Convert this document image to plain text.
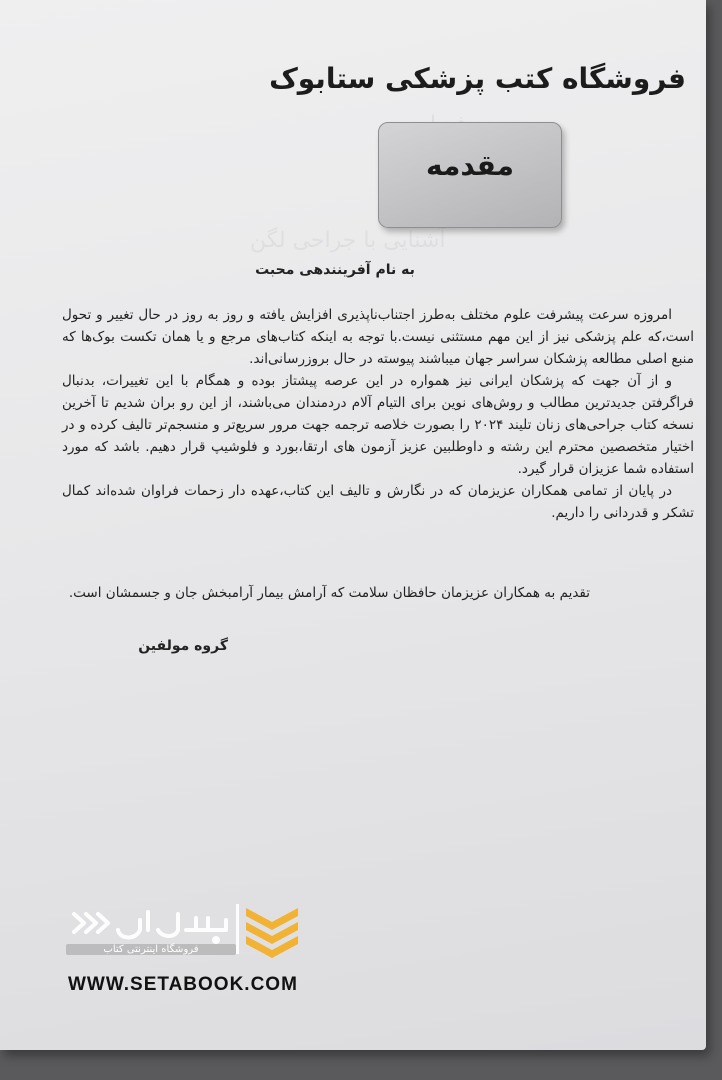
آشنایی با جراحی لگن
فروشگاه کتب پزشکی ستابوک
مقدمه
به نام آفرینندهی محبت

امروزه سرعت پیشرفت علوم مختلف به‌طرز اجتناب‌ناپذیری افزایش یافته و روز به روز در حال تغییر و تحول است،که علم پزشکی نیز از این مهم مستثنی نیست.با توجه به اینکه کتاب‌های مرجع و یا همان تکست بوک‌ها که منبع اصلی مطالعه پزشکان سراسر جهان میباشند پیوسته در حال بروزرسانی‌اند.

و از آن جهت که پزشکان ایرانی نیز همواره در این عرصه پیشتاز بوده و همگام با این تغییرات، بدنبال فراگرفتن جدیدترین مطالب و روش‌های نوین برای التیام آلام دردمندان می‌باشند، از این رو بران شدیم تا آخرین نسخه کتاب جراحی‌های زنان تلیند ۲۰۲۴ را بصورت خلاصه ترجمه جهت مرور سریع‌تر و منسجم‌تر تالیف کرده و در اختیار متخصصین محترم این رشته و داوطلبین عزیز آزمون های ارتقا،بورد و فلوشیپ قرار دهیم. باشد که مورد استفاده شما عزیزان قرار گیرد.

در پایان از تمامی همکاران عزیزمان که در نگارش و تالیف این کتاب،عهده دار زحمات فراوان شده‌اند کمال تشکر و قدردانی را داریم.

تقدیم به همکاران عزیزمان حافظان سلامت که آرامش بیمار آرامبخش جان و جسمشان است.
گروه مولفین
فروشگاه اینترنتی کتاب
WWW.SETABOOK.COM
